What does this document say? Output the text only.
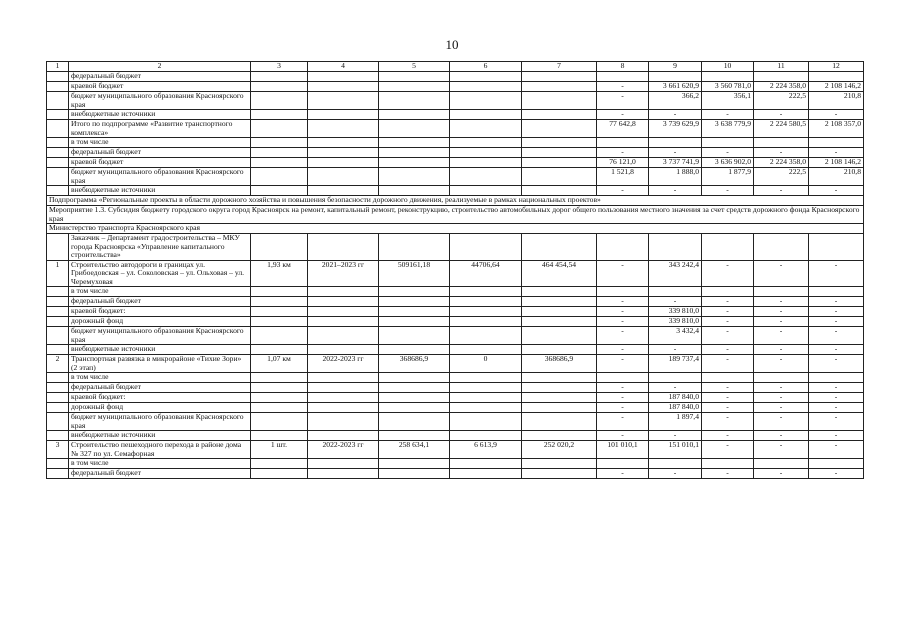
10
1	2	3	4	5	6	7	8	9	10	11	12
	федеральный бюджет										
	краевой бюджет						-	3 661 620,9	3 560 781,0	2 224 358,0	2 108 146,2
	бюджет муниципального образования Красноярского края						-	366,2	356,1	222,5	210,8
	внебюджетные источники						-	-	-	-	-
	Итого по подпрограмме «Развитие транспортного комплекса»						77 642,8	3 739 629,9	3 638 779,9	2 224 580,5	2 108 357,0
	в том числе										
	федеральный бюджет						-	-	-	-	-
	краевой бюджет						76 121,0	3 737 741,9	3 636 902,0	2 224 358,0	2 108 146,2
	бюджет муниципального образования Красноярского края						1 521,8	1 888,0	1 877,9	222,5	210,8
	внебюджетные источники						-	-	-	-	-
Подпрограмма «Региональные проекты в области дорожного хозяйства и повышения безопасности дорожного движения, реализуемые в рамках национальных проектов»											
Мероприятие 1.3. Субсидия бюджету городского округа город Красноярск на ремонт, капитальный ремонт, реконструкцию, строительство автомобильных дорог общего пользования местного значения за счет средств дорожного фонда Красноярского края											
Министерство транспорта Красноярского края											
	Заказчик – Департамент градостроительства – МКУ города Красноярска «Управление капитального строительства»										
1	Строительство автодороги в границах ул. Грибоедовская – ул. Соколовская – ул. Ольховая – ул. Черемуховая	1,93 км	2021–2023 гг	509161,18	44706,64	464 454,54	-	343 242,4	-	-	-
	в том числе										
	федеральный бюджет						-	-	-	-	-
	краевой бюджет:						-	339 810,0	-	-	-
	дорожный фонд						-	339 810,0	-	-	-
	бюджет муниципального образования Красноярского края						-	3 432,4	-	-	-
	внебюджетные источники						-	-	-	-	-
2	Транспортная развязка в микрорайоне «Тихие Зори» (2 этап)	1,07 км	2022-2023 гг	368686,9	0	368686,9	-	189 737,4	-	-	-
	в том числе										
	федеральный бюджет						-	-	-	-	-
	краевой бюджет:						-	187 840,0	-	-	-
	дорожный фонд						-	187 840,0	-	-	-
	бюджет муниципального образования Красноярского края						-	1 897,4	-	-	-
	внебюджетные источники						-	-	-	-	-
3	Строительство пешеходного перехода в районе дома № 327 по ул. Семафорная	1 шт.	2022-2023 гг	258 634,1	6 613,9	252 020,2	101 010,1	151 010,1	-	-	-
	в том числе										
	федеральный бюджет						-	-	-	-	-
